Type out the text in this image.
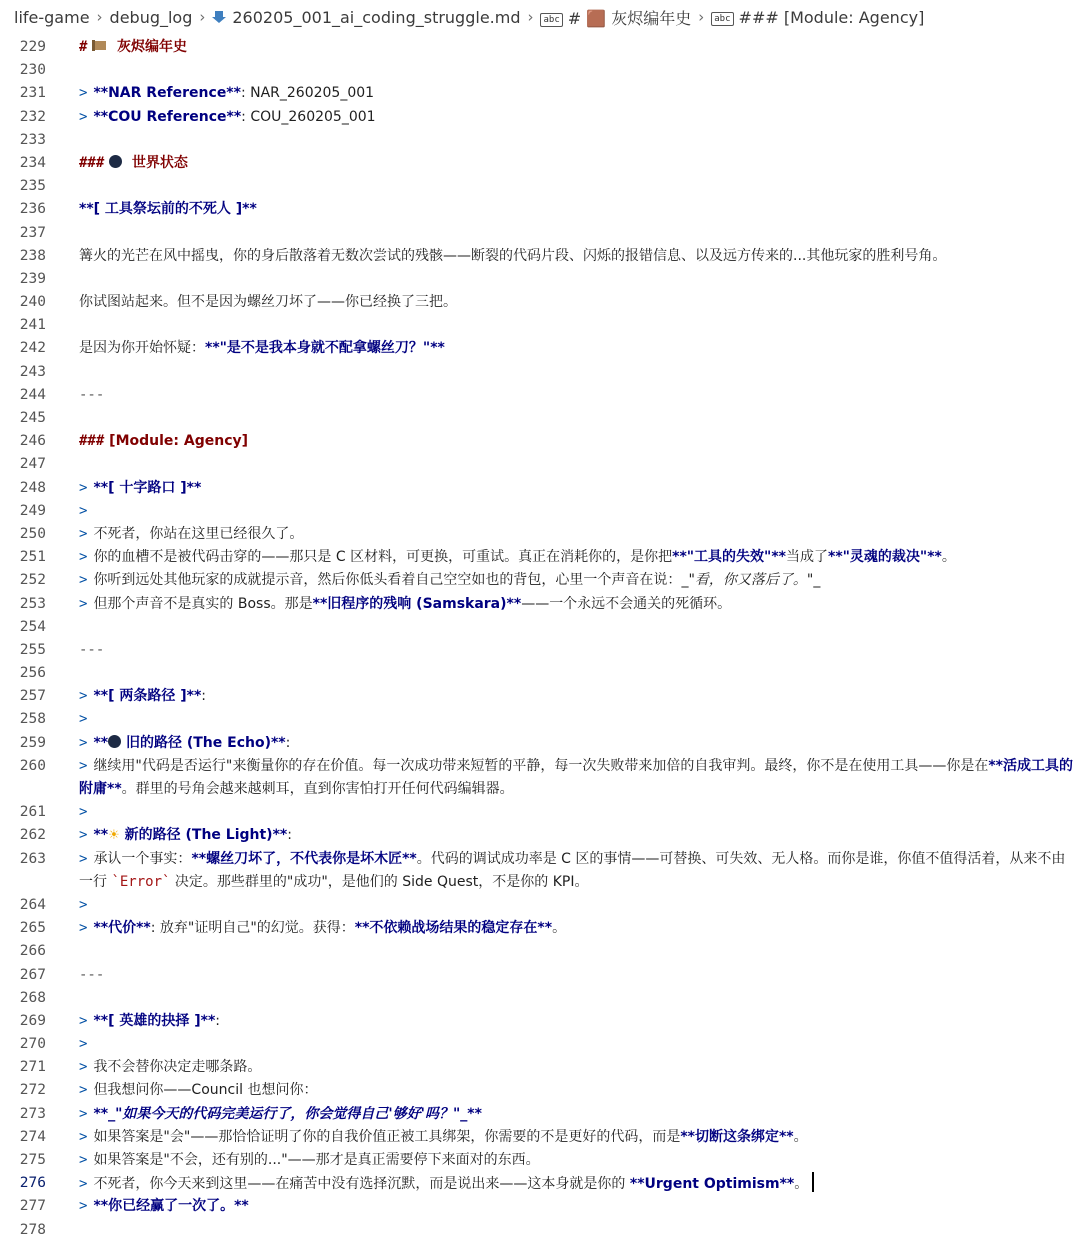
life-game › debug_log ›	260205_001_ai_coding_struggle.md ›	abc # 🟫 灰烬编年史 ›	abc ### [Module: Agency]
229 #   灰烬编年史
230
231 > **NAR Reference**: NAR_260205_001
232 > **COU Reference**: COU_260205_001
233
234 ###   世界状态
235
236 **[ 工具祭坛前的不死人 ]**
237
238 篝火的光芒在风中摇曳，你的身后散落着无数次尝试的残骸——断裂的代码片段、闪烁的报错信息、以及远方传来的...其他玩家的胜利号角。
239
240 你试图站起来。但不是因为螺丝刀坏了——你已经换了三把。
241
242 是因为你开始怀疑：**"是不是我本身就不配拿螺丝刀？"**
243
244 ---
245
246 ### [Module: Agency]
247
248 > **[ 十字路口 ]**
249 >
250 > 不死者，你站在这里已经很久了。
251 > 你的血槽不是被代码击穿的——那只是 C 区材料，可更换，可重试。真正在消耗你的，是你把**"工具的失效"**当成了**"灵魂的裁决"**。
252 > 你听到远处其他玩家的成就提示音，然后你低头看着自己空空如也的背包，心里一个声音在说：_"看，你又落后了。"_
253 > 但那个声音不是真实的 Boss。那是**旧程序的残响 (Samskara)**——一个永远不会通关的死循环。
254
255 ---
256
257 > **[ 两条路径 ]**:
258 >
259 > ** 旧的路径 (The Echo)**:
260 > 继续用"代码是否运行"来衡量你的存在价值。每一次成功带来短暂的平静，每一次失败带来加倍的自我审判。最终，你不是在使用工具——你是在**活成工具的附庸**。群里的号角会越来越刺耳，直到你害怕打开任何代码编辑器。
261 >
262 > **☀ 新的路径 (The Light)**:
263 > 承认一个事实：**螺丝刀坏了，不代表你是坏木匠**。代码的调试成功率是 C 区的事情——可替换、可失效、无人格。而你是谁，你值不值得活着，从来不由一行 `Error` 决定。那些群里的"成功"，是他们的 Side Quest，不是你的 KPI。
264 >
265 > **代价**: 放弃"证明自己"的幻觉。获得：**不依赖战场结果的稳定存在**。
266
267 ---
268
269 > **[ 英雄的抉择 ]**:
270 >
271 > 我不会替你决定走哪条路。
272 > 但我想问你——Council 也想问你：
273 > **_"如果今天的代码完美运行了，你会觉得自己'够好'吗？"_**
274 > 如果答案是"会"——那恰恰证明了你的自我价值正被工具绑架，你需要的不是更好的代码，而是**切断这条绑定**。
275 > 如果答案是"不会，还有别的..."——那才是真正需要停下来面对的东西。
276 > 不死者，你今天来到这里——在痛苦中没有选择沉默，而是说出来——这本身就是你的 **Urgent Optimism**。
277 > **你已经赢了一次了。**
278
